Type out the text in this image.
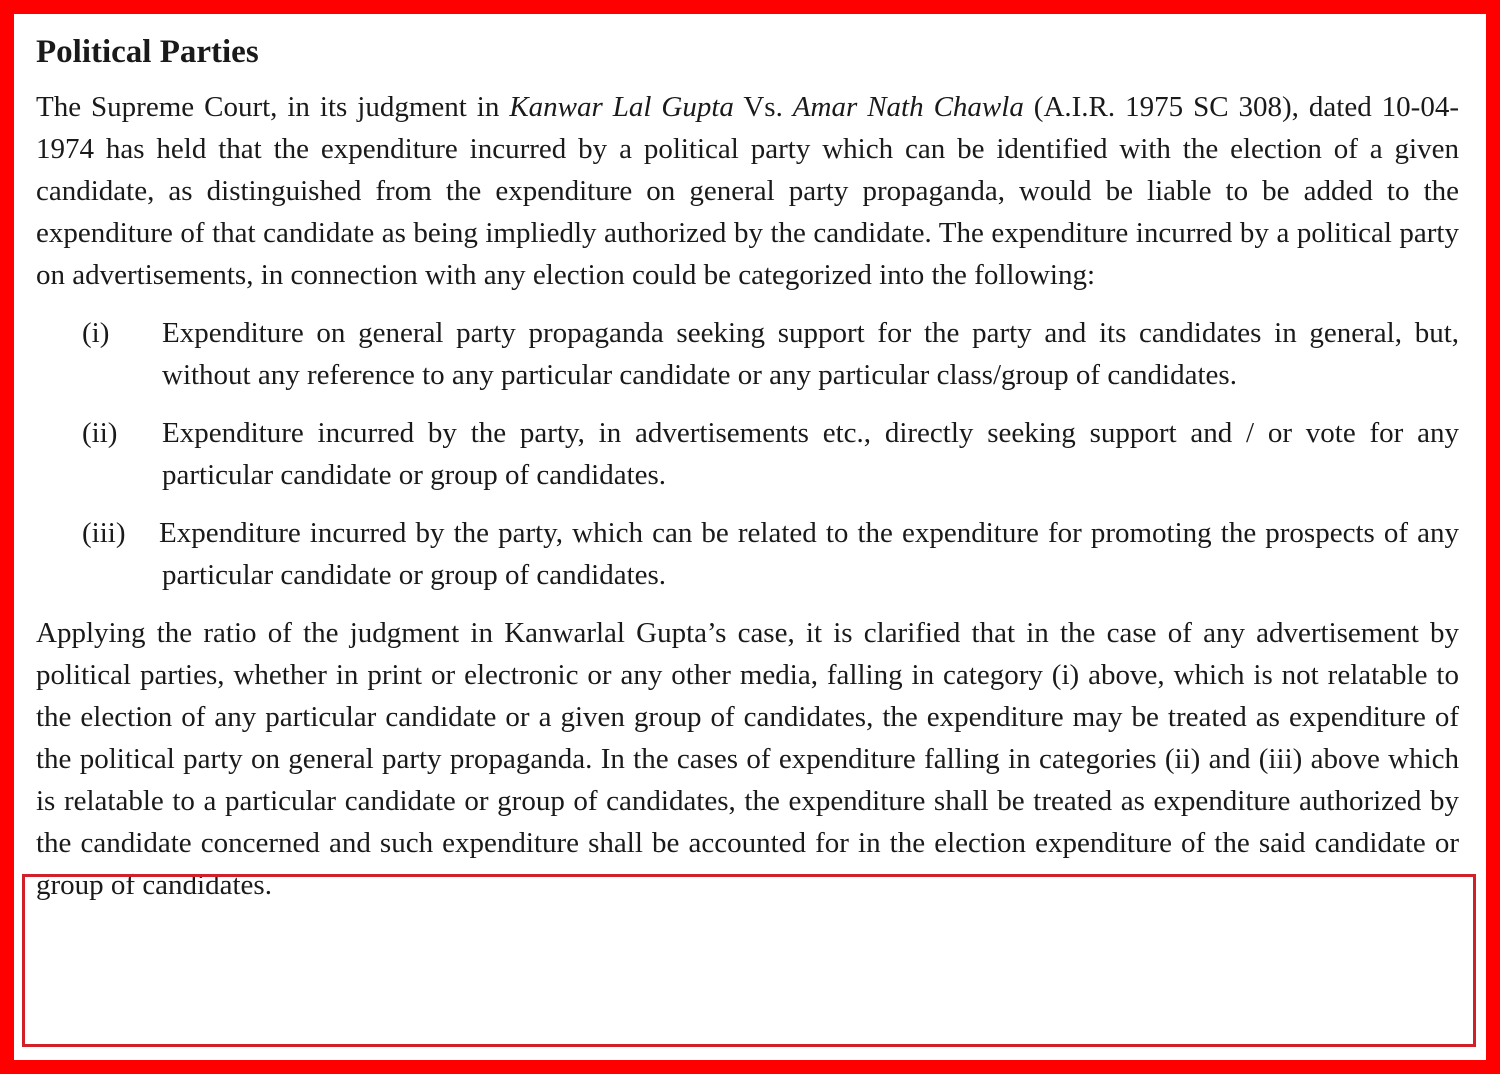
Political Parties

The Supreme Court, in its judgment in Kanwar Lal Gupta Vs. Amar Nath Chawla (A.I.R. 1975 SC 308), dated 10-04-1974 has held that the expenditure incurred by a political party which can be identified with the election of a given candidate, as distinguished from the expenditure on general party propaganda, would be liable to be added to the expenditure of that candidate as being impliedly authorized by the candidate. The expenditure incurred by a political party on advertisements, in connection with any election could be categorized into the following:

(i) Expenditure on general party propaganda seeking support for the party and its candidates in general, but, without any reference to any particular candidate or any particular class/group of candidates.
(ii) Expenditure incurred by the party, in advertisements etc., directly seeking support and / or vote for any particular candidate or group of candidates.
(iii) Expenditure incurred by the party, which can be related to the expenditure for promoting the prospects of any particular candidate or group of candidates.

Applying the ratio of the judgment in Kanwarlal Gupta’s case, it is clarified that in the case of any advertisement by political parties, whether in print or electronic or any other media, falling in category (i) above, which is not relatable to the election of any particular candidate or a given group of candidates, the expenditure may be treated as expenditure of the political party on general party propaganda. In the cases of expenditure falling in categories (ii) and (iii) above which is relatable to a particular candidate or group of candidates, the expenditure shall be treated as expenditure authorized by the candidate concerned and such expenditure shall be accounted for in the election expenditure of the said candidate or group of candidates.
